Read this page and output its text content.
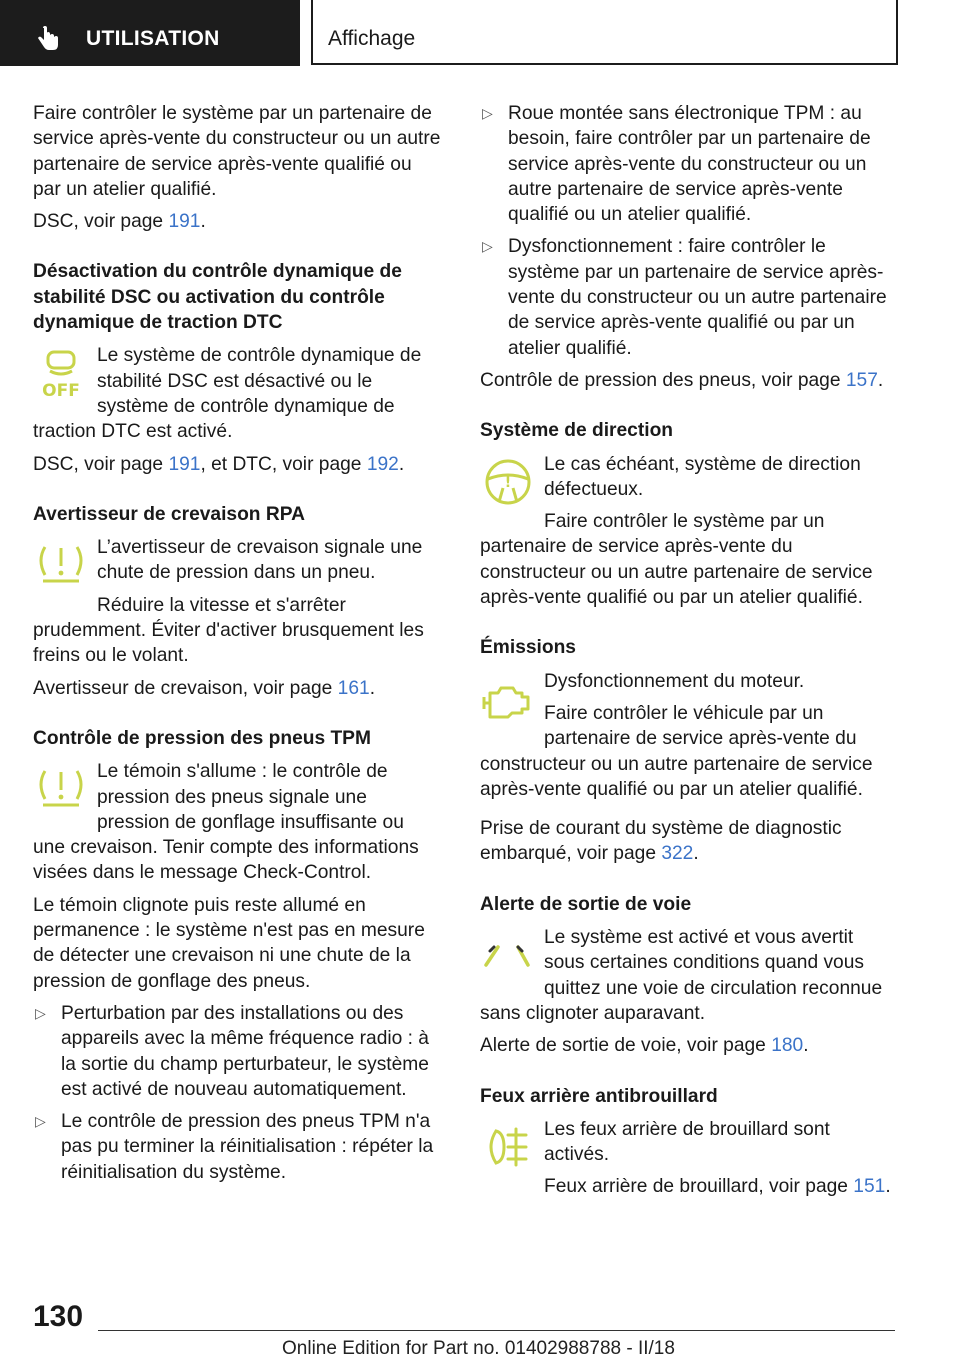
UTILISATION	Affichage

Faire contrôler le système par un partenaire de service après-vente du constructeur ou un autre partenaire de service après-vente qualifié ou par un atelier qualifié.

DSC, voir page 191.

Désactivation du contrôle dynamique de stabilité DSC ou activation du contrôle dynamique de traction DTC
OFF

Le système de contrôle dynamique de stabilité DSC est désactivé ou le système de contrôle dynamique de traction DTC est activé.

DSC, voir page 191, et DTC, voir page 192.

Avertisseur de crevaison RPA

L’avertisseur de crevaison signale une chute de pression dans un pneu.

Réduire la vitesse et s'arrêter prudemment. Éviter d'activer brusquement les freins ou le volant.

Avertisseur de crevaison, voir page 161.

Contrôle de pression des pneus TPM

Le témoin s'allume : le contrôle de pression des pneus signale une pression de gonflage insuffisante ou une crevaison. Tenir compte des informations visées dans le message Check-Control.

Le témoin clignote puis reste allumé en permanence : le système n'est pas en mesure de détecter une crevaison ni une chute de la pression de gonflage des pneus.

▷ Perturbation par des installations ou des appareils avec la même fréquence radio : à la sortie du champ perturbateur, le système est activé de nouveau automatiquement.
▷ Le contrôle de pression des pneus TPM n'a pas pu terminer la réinitialisation : répéter la réinitialisation du système.
▷ Roue montée sans électronique TPM : au besoin, faire contrôler par un partenaire de service après-vente du constructeur ou un autre partenaire de service après-vente qualifié ou un atelier qualifié.
▷ Dysfonctionnement : faire contrôler le système par un partenaire de service après-vente du constructeur ou un autre partenaire de service après-vente qualifié ou par un atelier qualifié.

Contrôle de pression des pneus, voir page 157.

Système de direction
!

Le cas échéant, système de direction défectueux.

Faire contrôler le système par un partenaire de service après-vente du constructeur ou un autre partenaire de service après-vente qualifié ou par un atelier qualifié.

Émissions

Dysfonctionnement du moteur.

Faire contrôler le véhicule par un partenaire de service après-vente du constructeur ou un autre partenaire de service après-vente qualifié ou par un atelier qualifié.

Prise de courant du système de diagnostic embarqué, voir page 322.

Alerte de sortie de voie

Le système est activé et vous avertit sous certaines conditions quand vous quittez une voie de circulation reconnue sans clignoter auparavant.

Alerte de sortie de voie, voir page 180.

Feux arrière antibrouillard

Les feux arrière de brouillard sont activés.

Feux arrière de brouillard, voir page 151.

130
Online Edition for Part no. 01402988788 - II/18
